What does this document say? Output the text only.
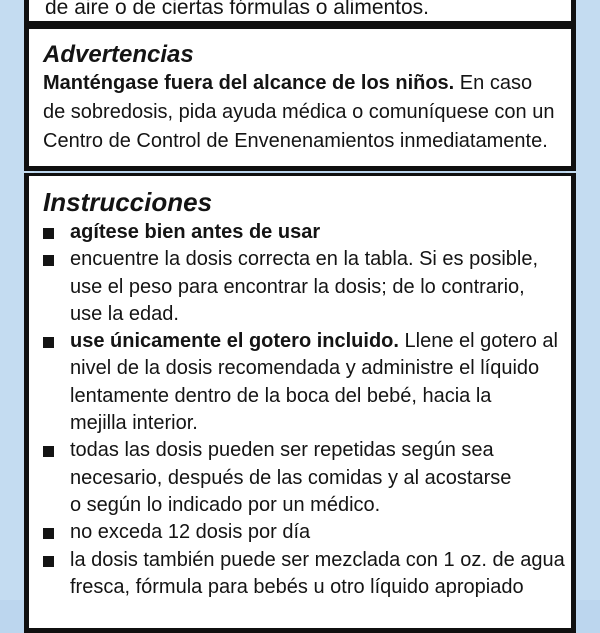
de aire o de ciertas fórmulas o alimentos.
Advertencias
Manténgase fuera del alcance de los niños. En caso
de sobredosis, pida ayuda médica o comuníquese con un
Centro de Control de Envenenamientos inmediatamente.
Instrucciones
agítese bien antes de usar
encuentre la dosis correcta en la tabla. Si es posible,
use el peso para encontrar la dosis; de lo contrario,
use la edad.
use únicamente el gotero incluido. Llene el gotero al
nivel de la dosis recomendada y administre el líquido
lentamente dentro de la boca del bebé, hacia la
mejilla interior.
todas las dosis pueden ser repetidas según sea
necesario, después de las comidas y al acostarse
o según lo indicado por un médico.
no exceda 12 dosis por día
la dosis también puede ser mezclada con 1 oz. de agua
fresca, fórmula para bebés u otro líquido apropiado
